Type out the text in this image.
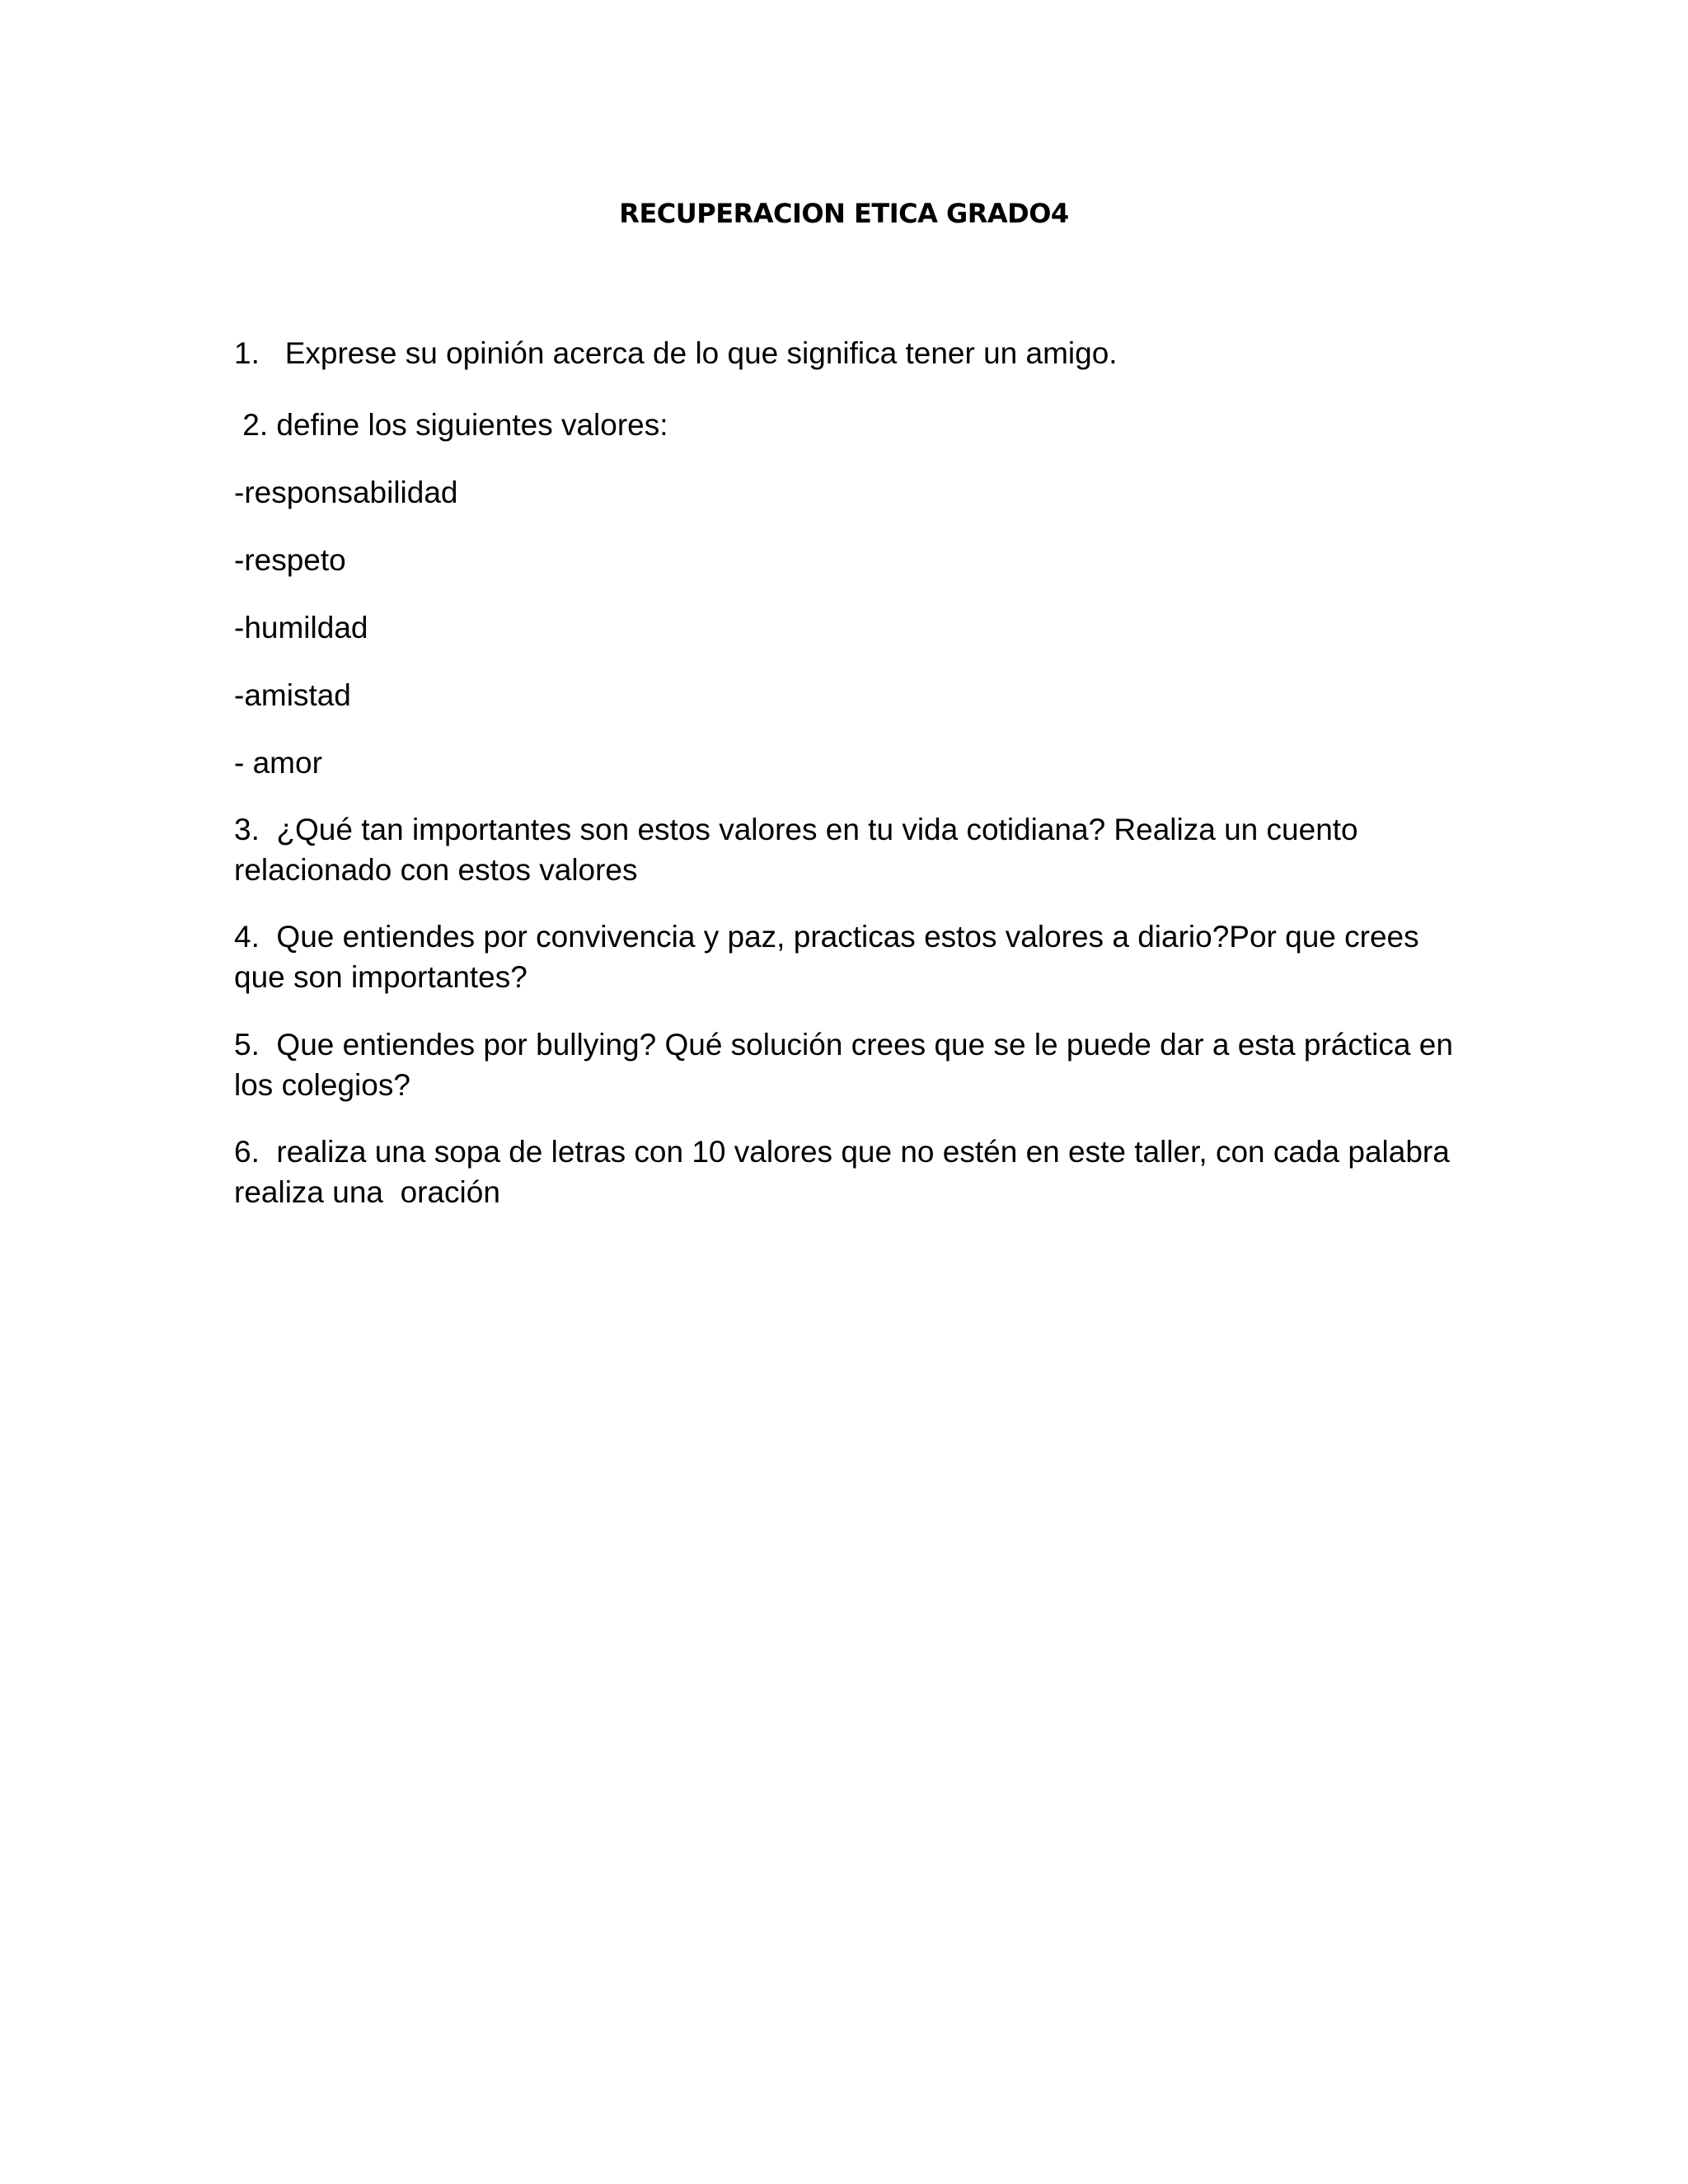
RECUPERACION ETICA GRADO4

1.   Exprese su opinión acerca de lo que significa tener un amigo.

2. define los siguientes valores:

-responsabilidad

-respeto

-humildad

-amistad

- amor

3.  ¿Qué tan importantes son estos valores en tu vida cotidiana? Realiza un cuento

relacionado con estos valores

4.  Que entiendes por convivencia y paz, practicas estos valores a diario?Por que crees

que son importantes?

5.  Que entiendes por bullying? Qué solución crees que se le puede dar a esta práctica en

los colegios?

6.  realiza una sopa de letras con 10 valores que no estén en este taller, con cada palabra

realiza una  oración
